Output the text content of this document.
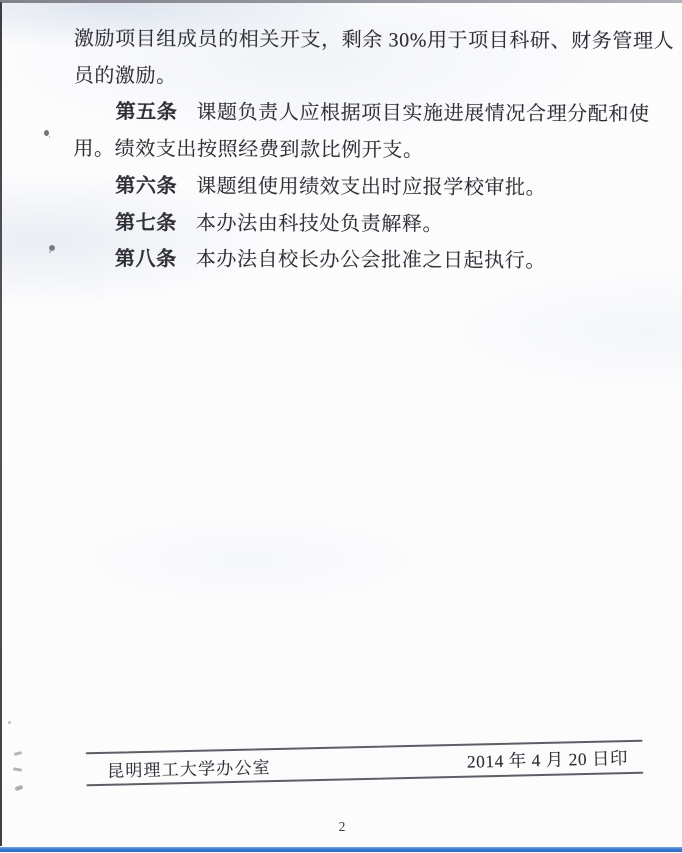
激励项目组成员的相关开支，剩余 30%用于项目科研、财务管理人
员的激励。
第五条 课题负责人应根据项目实施进展情况合理分配和使
用。绩效支出按照经费到款比例开支。
第六条 课题组使用绩效支出时应报学校审批。
第七条 本办法由科技处负责解释。
第八条 本办法自校长办公会批准之日起执行。
昆明理工大学办公室	2014 年 4 月 20 日印
2
